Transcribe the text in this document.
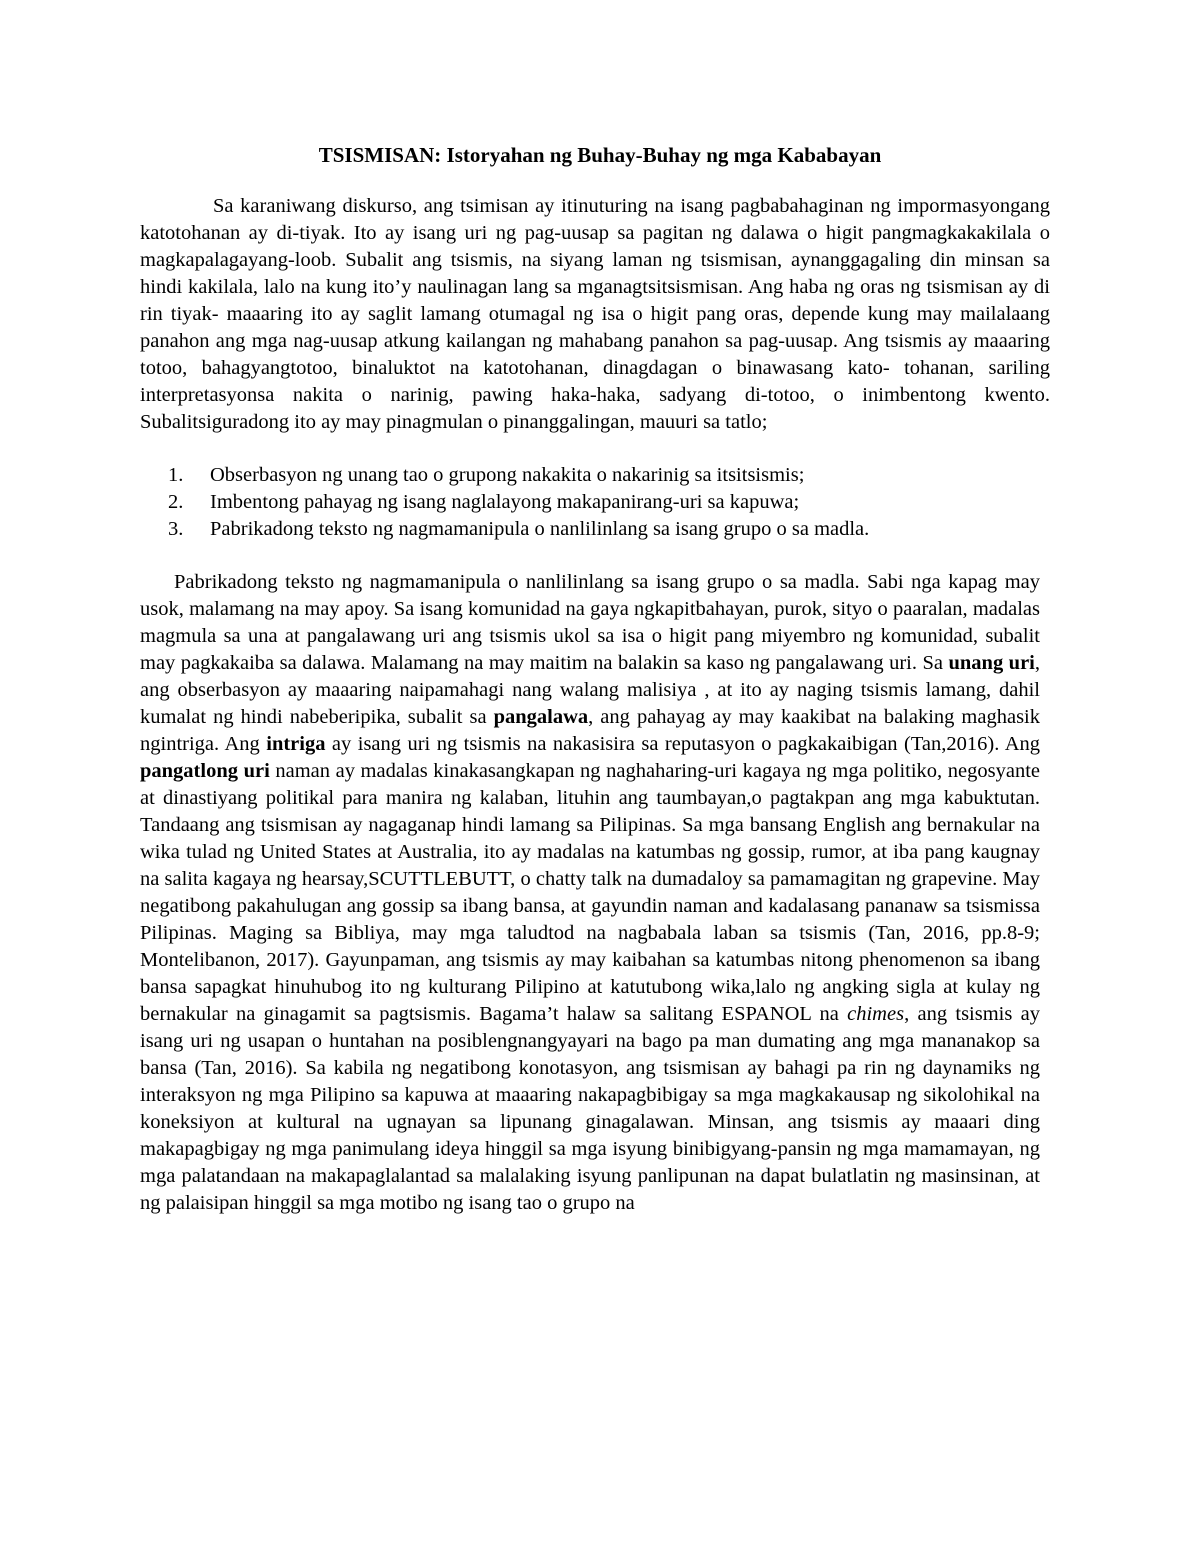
TSISMISAN: Istoryahan ng Buhay-Buhay ng mga Kababayan

Sa karaniwang diskurso, ang tsimisan ay itinuturing na isang pagbabahaginan ng impormasyongang katotohanan ay di-tiyak. Ito ay isang uri ng pag-uusap sa pagitan ng dalawa o higit pangmagkakakilala o magkapalagayang-loob. Subalit ang tsismis, na siyang laman ng tsismisan, aynanggagaling din minsan sa hindi kakilala, lalo na kung ito’y naulinagan lang sa mganagtsitsismisan. Ang haba ng oras ng tsismisan ay di rin tiyak- maaaring ito ay saglit lamang otumagal ng isa o higit pang oras, depende kung may mailalaang panahon ang mga nag-uusap atkung kailangan ng mahabang panahon sa pag-uusap. Ang tsismis ay maaaring totoo, bahagyangtotoo, binaluktot na katotohanan, dinagdagan o binawasang kato- tohanan, sariling interpretasyonsa nakita o narinig, pawing haka-haka, sadyang di-totoo, o inimbentong kwento. Subalitsiguradong ito ay may pinagmulan o pinanggalingan, mauuri sa tatlo;

1.	Obserbasyon ng unang tao o grupong nakakita o nakarinig sa itsitsismis;
2.	Imbentong pahayag ng isang naglalayong makapanirang-uri sa kapuwa;
3.	Pabrikadong teksto ng nagmamanipula o nanlilinlang sa isang grupo o sa madla.

Pabrikadong teksto ng nagmamanipula o nanlilinlang sa isang grupo o sa madla. Sabi nga kapag may usok, malamang na may apoy. Sa isang komunidad na gaya ngkapitbahayan, purok, sityo o paaralan, madalas magmula sa una at pangalawang uri ang tsismis ukol sa isa o higit pang miyembro ng komunidad, subalit may pagkakaiba sa dalawa. Malamang na may maitim na balakin sa kaso ng pangalawang uri. Sa unang uri, ang obserbasyon ay maaaring naipamahagi nang walang malisiya , at ito ay naging tsismis lamang, dahil kumalat ng hindi nabeberipika, subalit sa pangalawa, ang pahayag ay may kaakibat na balaking maghasik ngintriga. Ang intriga ay isang uri ng tsismis na nakasisira sa reputasyon o pagkakaibigan (Tan,2016). Ang pangatlong uri naman ay madalas kinakasangkapan ng naghaharing-uri kagaya ng mga politiko, negosyante at dinastiyang politikal para manira ng kalaban, lituhin ang taumbayan,o pagtakpan ang mga kabuktutan. Tandaang ang tsismisan ay nagaganap hindi lamang sa Pilipinas. Sa mga bansang English ang bernakular na wika tulad ng United States at Australia, ito ay madalas na katumbas ng gossip, rumor, at iba pang kaugnay na salita kagaya ng hearsay,SCUTTLEBUTT, o chatty talk na dumadaloy sa pamamagitan ng grapevine. May negatibong pakahulugan ang gossip sa ibang bansa, at gayundin naman and kadalasang pananaw sa tsismissa Pilipinas. Maging sa Bibliya, may mga taludtod na nagbabala laban sa tsismis (Tan, 2016, pp.8-9; Montelibanon, 2017). Gayunpaman, ang tsismis ay may kaibahan sa katumbas nitong phenomenon sa ibang bansa sapagkat hinuhubog ito ng kulturang Pilipino at katutubong wika,lalo ng angking sigla at kulay ng bernakular na ginagamit sa pagtsismis. Bagama’t halaw sa salitang ESPANOL na chimes, ang tsismis ay isang uri ng usapan o huntahan na posiblengnangyayari na bago pa man dumating ang mga mananakop sa bansa (Tan, 2016). Sa kabila ng negatibong konotasyon, ang tsismisan ay bahagi pa rin ng daynamiks ng interaksyon ng mga Pilipino sa kapuwa at maaaring nakapagbibigay sa mga magkakausap ng sikolohikal na koneksiyon at kultural na ugnayan sa lipunang ginagalawan. Minsan, ang tsismis ay maaari ding makapagbigay ng mga panimulang ideya hinggil sa mga isyung binibigyang-pansin ng mga mamamayan, ng mga palatandaan na makapaglalantad sa malalaking isyung panlipunan na dapat bulatlatin ng masinsinan, at ng palaisipan hinggil sa mga motibo ng isang tao o grupo na
